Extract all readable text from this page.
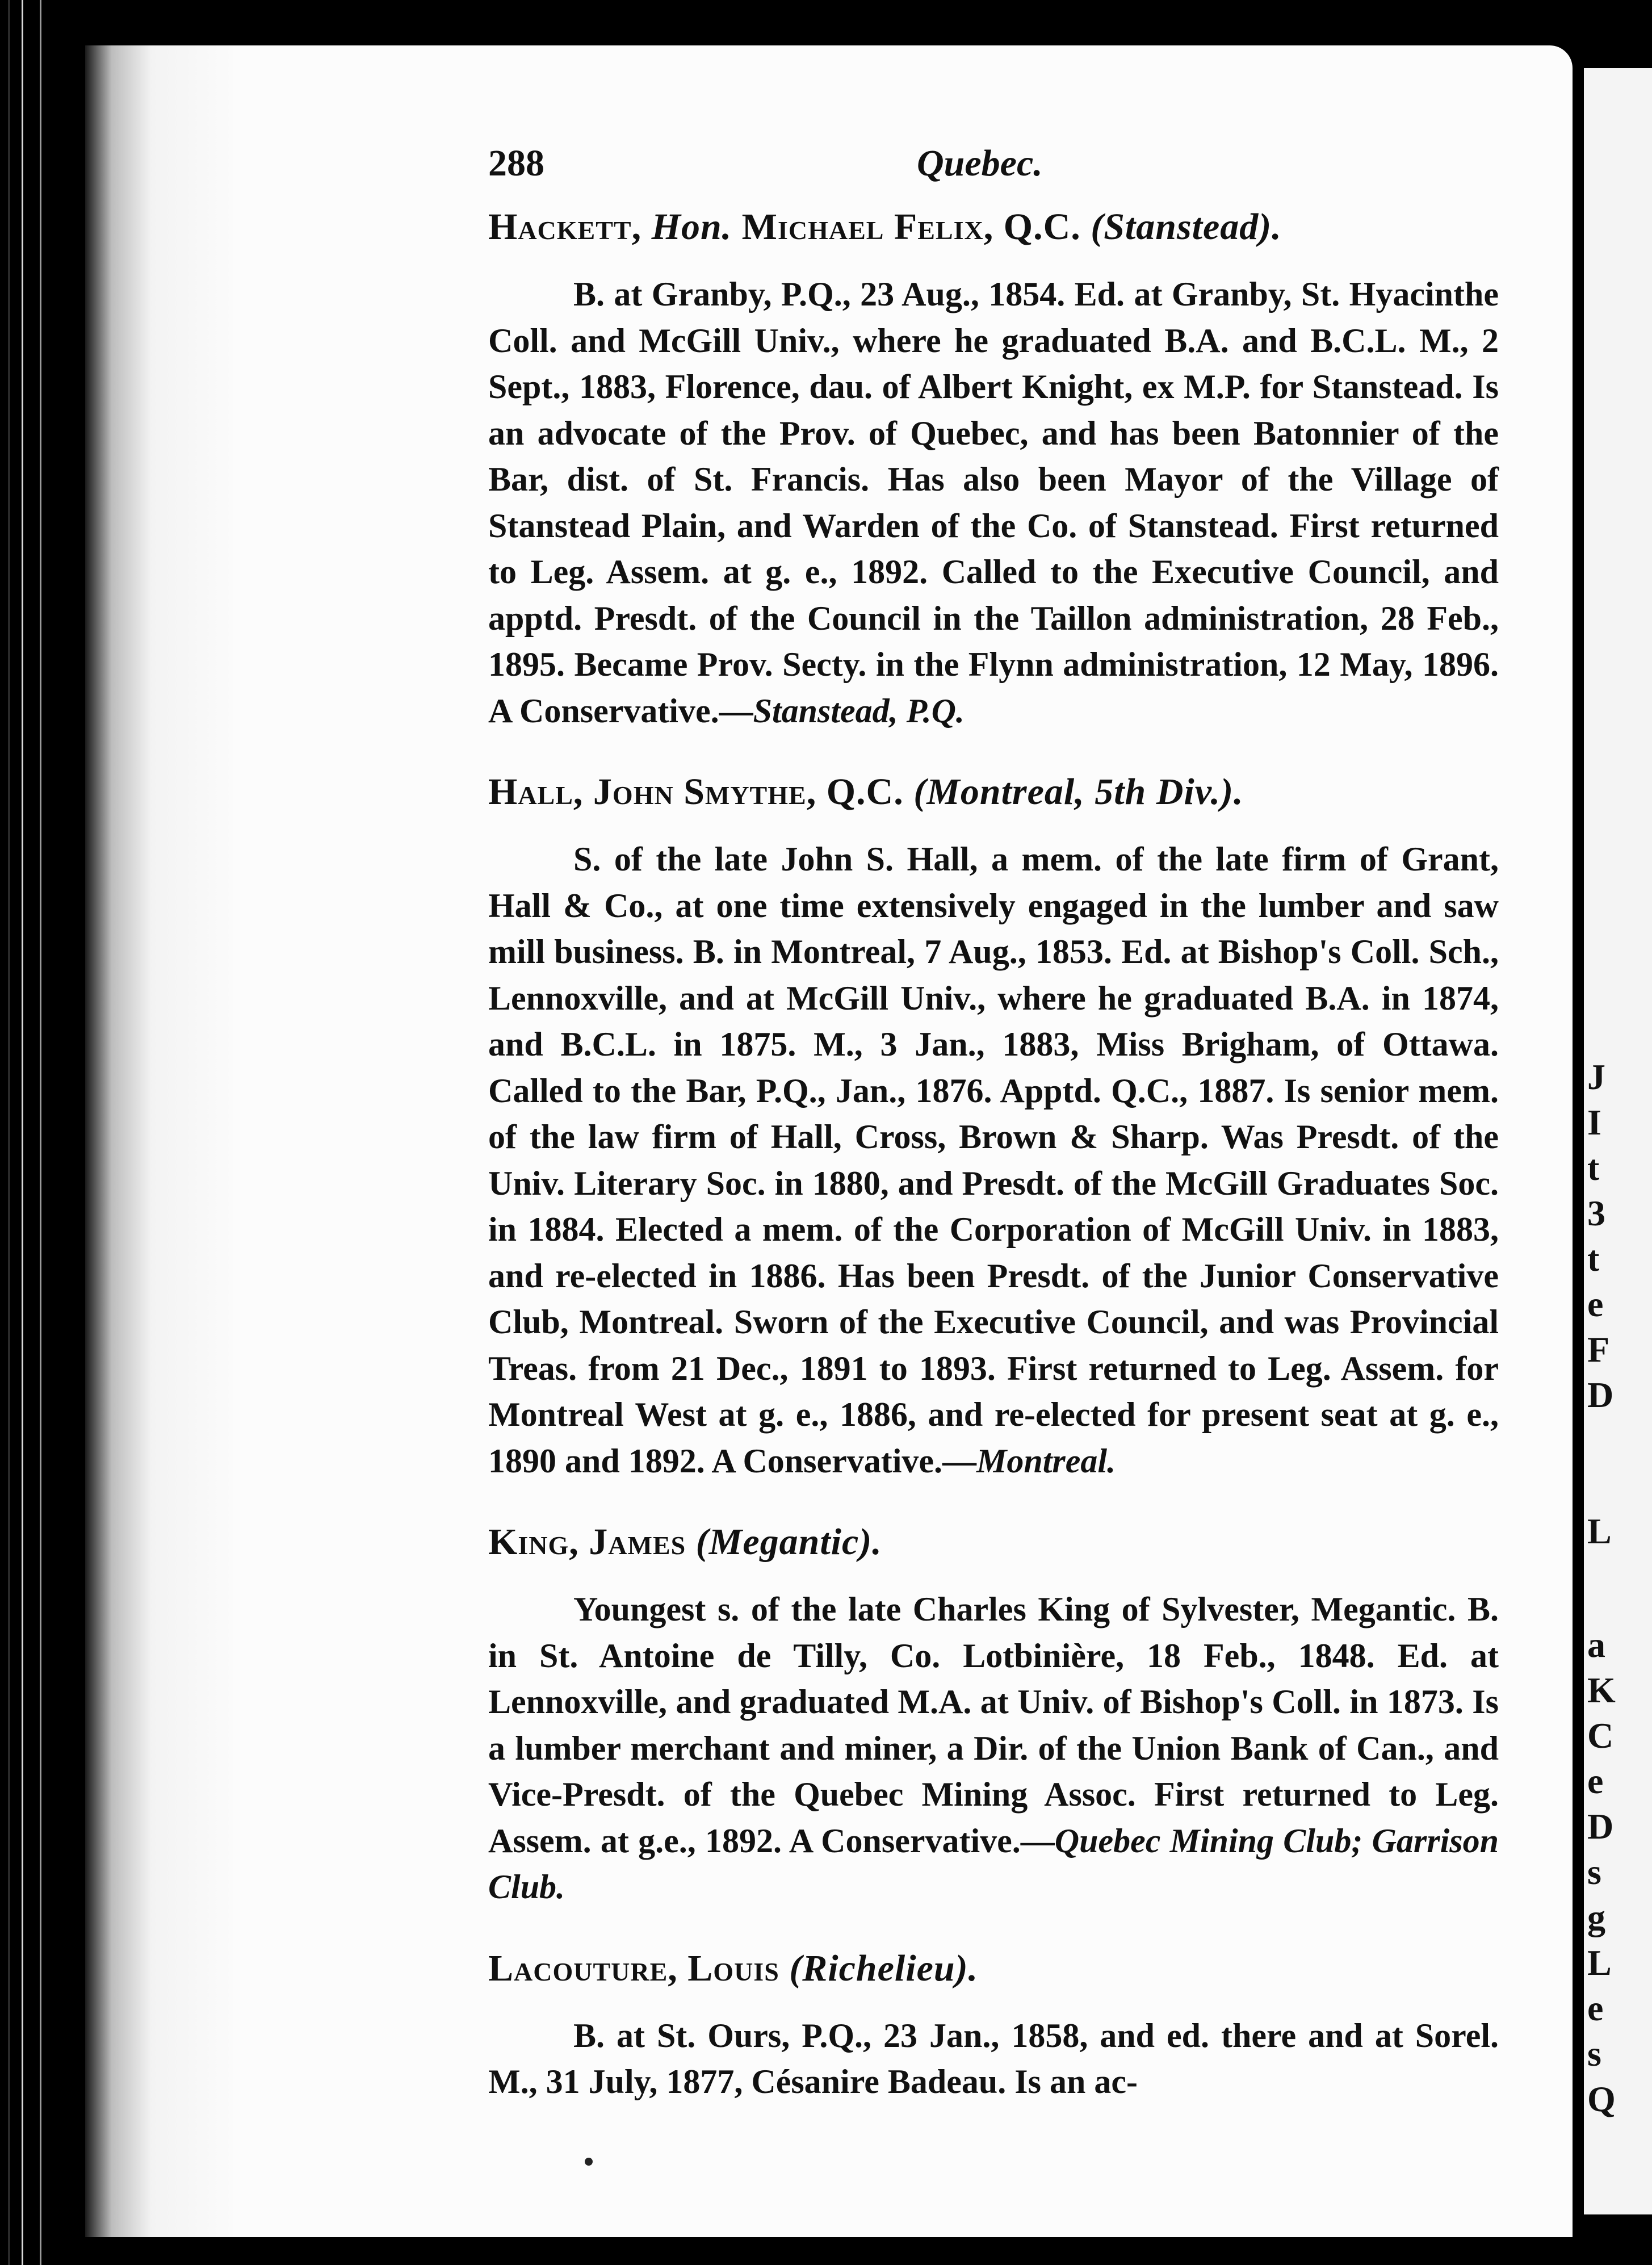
J
I
t
3
t
e
F
D
L
a
K
C
e
D
s
g
L
e
s
Q
288	Quebec.
Hackett, Hon. Michael Felix, Q.C. (Stanstead).
B. at Granby, P.Q., 23 Aug., 1854. Ed. at Granby, St. Hyacinthe Coll. and McGill Univ., where he graduated B.A. and B.C.L. M., 2 Sept., 1883, Florence, dau. of Albert Knight, ex M.P. for Stanstead. Is an advocate of the Prov. of Quebec, and has been Batonnier of the Bar, dist. of St. Francis. Has also been Mayor of the Village of Stanstead Plain, and Warden of the Co. of Stanstead. First returned to Leg. Assem. at g. e., 1892. Called to the Executive Council, and apptd. Presdt. of the Council in the Taillon administration, 28 Feb., 1895. Became Prov. Secty. in the Flynn administration, 12 May, 1896. A Conservative.—Stanstead, P.Q.
Hall, John Smythe, Q.C. (Montreal, 5th Div.).
S. of the late John S. Hall, a mem. of the late firm of Grant, Hall & Co., at one time extensively engaged in the lumber and saw mill business. B. in Montreal, 7 Aug., 1853. Ed. at Bishop's Coll. Sch., Lennoxville, and at McGill Univ., where he graduated B.A. in 1874, and B.C.L. in 1875. M., 3 Jan., 1883, Miss Brigham, of Ottawa. Called to the Bar, P.Q., Jan., 1876. Apptd. Q.C., 1887. Is senior mem. of the law firm of Hall, Cross, Brown & Sharp. Was Presdt. of the Univ. Literary Soc. in 1880, and Presdt. of the McGill Graduates Soc. in 1884. Elected a mem. of the Corporation of McGill Univ. in 1883, and re-elected in 1886. Has been Presdt. of the Junior Conservative Club, Montreal. Sworn of the Executive Council, and was Provincial Treas. from 21 Dec., 1891 to 1893. First returned to Leg. Assem. for Montreal West at g. e., 1886, and re-elected for present seat at g. e., 1890 and 1892. A Conservative.—Montreal.
King, James (Megantic).
Youngest s. of the late Charles King of Sylvester, Megantic. B. in St. Antoine de Tilly, Co. Lotbinière, 18 Feb., 1848. Ed. at Lennoxville, and graduated M.A. at Univ. of Bishop's Coll. in 1873. Is a lumber merchant and miner, a Dir. of the Union Bank of Can., and Vice-Presdt. of the Quebec Mining Assoc. First returned to Leg. Assem. at g.e., 1892. A Conservative.—Quebec Mining Club; Garrison Club.
Lacouture, Louis (Richelieu).
B. at St. Ours, P.Q., 23 Jan., 1858, and ed. there and at Sorel. M., 31 July, 1877, Césanire Badeau. Is an ac-
